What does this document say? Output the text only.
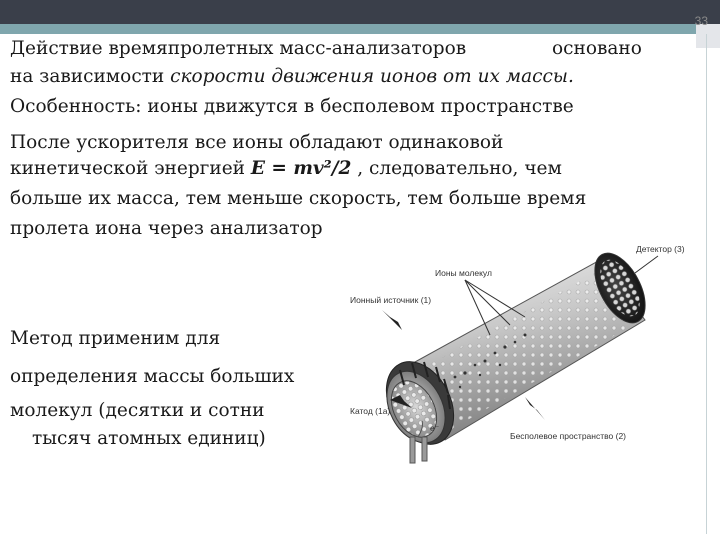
33
Действие времяпролетных масс-анализаторов	основано
на зависимости скорости движения ионов от их массы.
Особенность: ионы движутся в бесполевом пространстве
После ускорителя все ионы обладают одинаковой
кинетической энергией E = mv²/2 , следовательно, чем
больше их масса, тем меньше скорость, тем больше время
пролета иона через анализатор
Метод применим для
определения массы больших
молекул (десятки и сотни
тысяч атомных единиц)
Детектор (3)
Ионы молекул
Ионный источник (1)
Катод (1а)
Бесполевое пространство (2)
e⁻
